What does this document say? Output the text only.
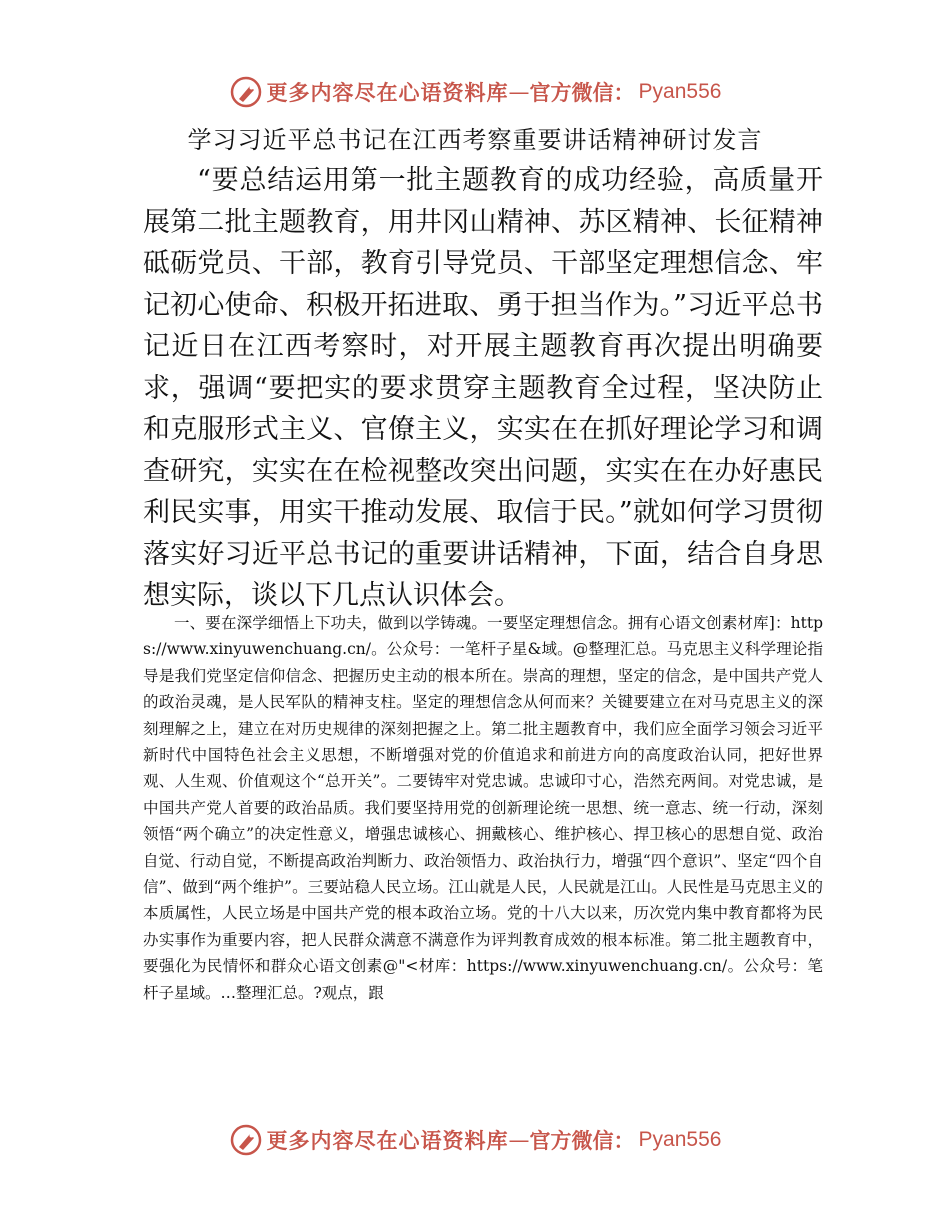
更多内容尽在心语资料库 — 官方微信： Pyan556
学习习近平总书记在江西考察重要讲话精神研讨发言

“要总结运用第一批主题教育的成功经验，高质量开展第二批主题教育，用井冈山精神、苏区精神、长征精神砥砺党员、干部，教育引导党员、干部坚定理想信念、牢记初心使命、积极开拓进取、勇于担当作为。”习近平总书记近日在江西考察时，对开展主题教育再次提出明确要求，强调“要把实的要求贯穿主题教育全过程，坚决防止和克服形式主义、官僚主义，实实在在抓好理论学习和调查研究，实实在在检视整改突出问题，实实在在办好惠民利民实事，用实干推动发展、取信于民。”就如何学习贯彻落实好习近平总书记的重要讲话精神，下面，结合自身思想实际，谈以下几点认识体会。

一、要在深学细悟上下功夫，做到以学铸魂。一要坚定理想信念。拥有心语文创素材库]：https://www.xinyuwenchuang.cn/。公众号：一笔杆子星&域。@整理汇总。马克思主义科学理论指导是我们党坚定信仰信念、把握历史主动的根本所在。崇高的理想，坚定的信念，是中国共产党人的政治灵魂，是人民军队的精神支柱。坚定的理想信念从何而来？关键要建立在对马克思主义的深刻理解之上，建立在对历史规律的深刻把握之上。第二批主题教育中，我们应全面学习领会习近平新时代中国特色社会主义思想，不断增强对党的价值追求和前进方向的高度政治认同，把好世界观、人生观、价值观这个“总开关”。二要铸牢对党忠诚。忠诚印寸心，浩然充两间。对党忠诚，是中国共产党人首要的政治品质。我们要坚持用党的创新理论统一思想、统一意志、统一行动，深刻领悟“两个确立”的决定性意义，增强忠诚核心、拥戴核心、维护核心、捍卫核心的思想自觉、政治自觉、行动自觉，不断提高政治判断力、政治领悟力、政治执行力，增强“四个意识”、坚定“四个自信”、做到“两个维护”。三要站稳人民立场。江山就是人民，人民就是江山。人民性是马克思主义的本质属性，人民立场是中国共产党的根本政治立场。党的十八大以来，历次党内集中教育都将为民办实事作为重要内容，把人民群众满意不满意作为评判教育成效的根本标准。第二批主题教育中，要强化为民情怀和群众心语文创素@"<材库：https://www.xinyuwenchuang.cn/。公众号：笔杆子星域。…整理汇总。?观点，跟

更多内容尽在心语资料库 — 官方微信： Pyan556
